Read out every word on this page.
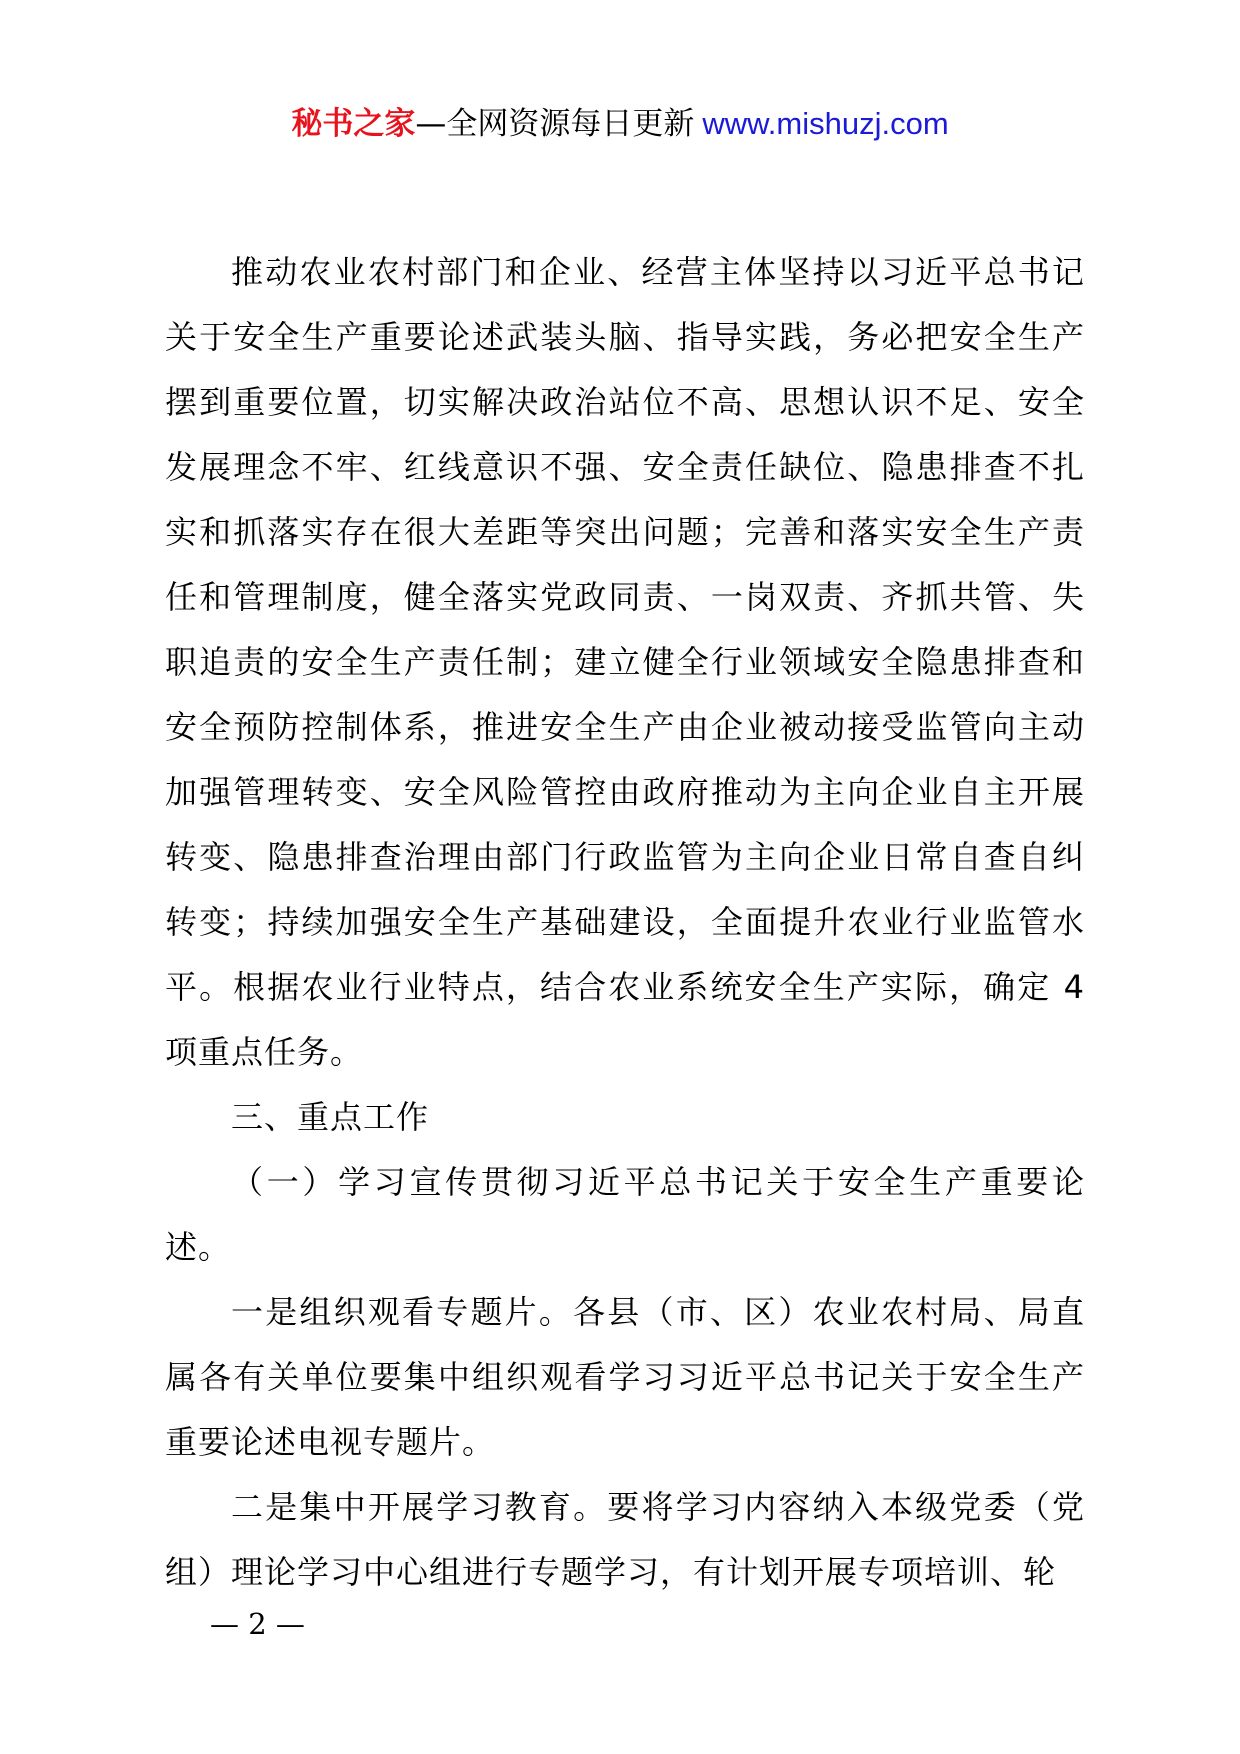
秘书之家—全网资源每日更新 www.mishuzj.com

推动农业农村部门和企业、经营主体坚持以习近平总书记关于安全生产重要论述武装头脑、指导实践，务必把安全生产摆到重要位置，切实解决政治站位不高、思想认识不足、安全发展理念不牢、红线意识不强、安全责任缺位、隐患排查不扎实和抓落实存在很大差距等突出问题；完善和落实安全生产责任和管理制度，健全落实党政同责、一岗双责、齐抓共管、失职追责的安全生产责任制；建立健全行业领域安全隐患排查和安全预防控制体系，推进安全生产由企业被动接受监管向主动加强管理转变、安全风险管控由政府推动为主向企业自主开展转变、隐患排查治理由部门行政监管为主向企业日常自查自纠转变；持续加强安全生产基础建设，全面提升农业行业监管水平。根据农业行业特点，结合农业系统安全生产实际，确定 4 项重点任务。

三、重点工作

（一）学习宣传贯彻习近平总书记关于安全生产重要论述。

一是组织观看专题片。各县（市、区）农业农村局、局直属各有关单位要集中组织观看学习习近平总书记关于安全生产重要论述电视专题片。

二是集中开展学习教育。要将学习内容纳入本级党委（党组）理论学习中心组进行专题学习，有计划开展专项培训、轮

— 2 —
